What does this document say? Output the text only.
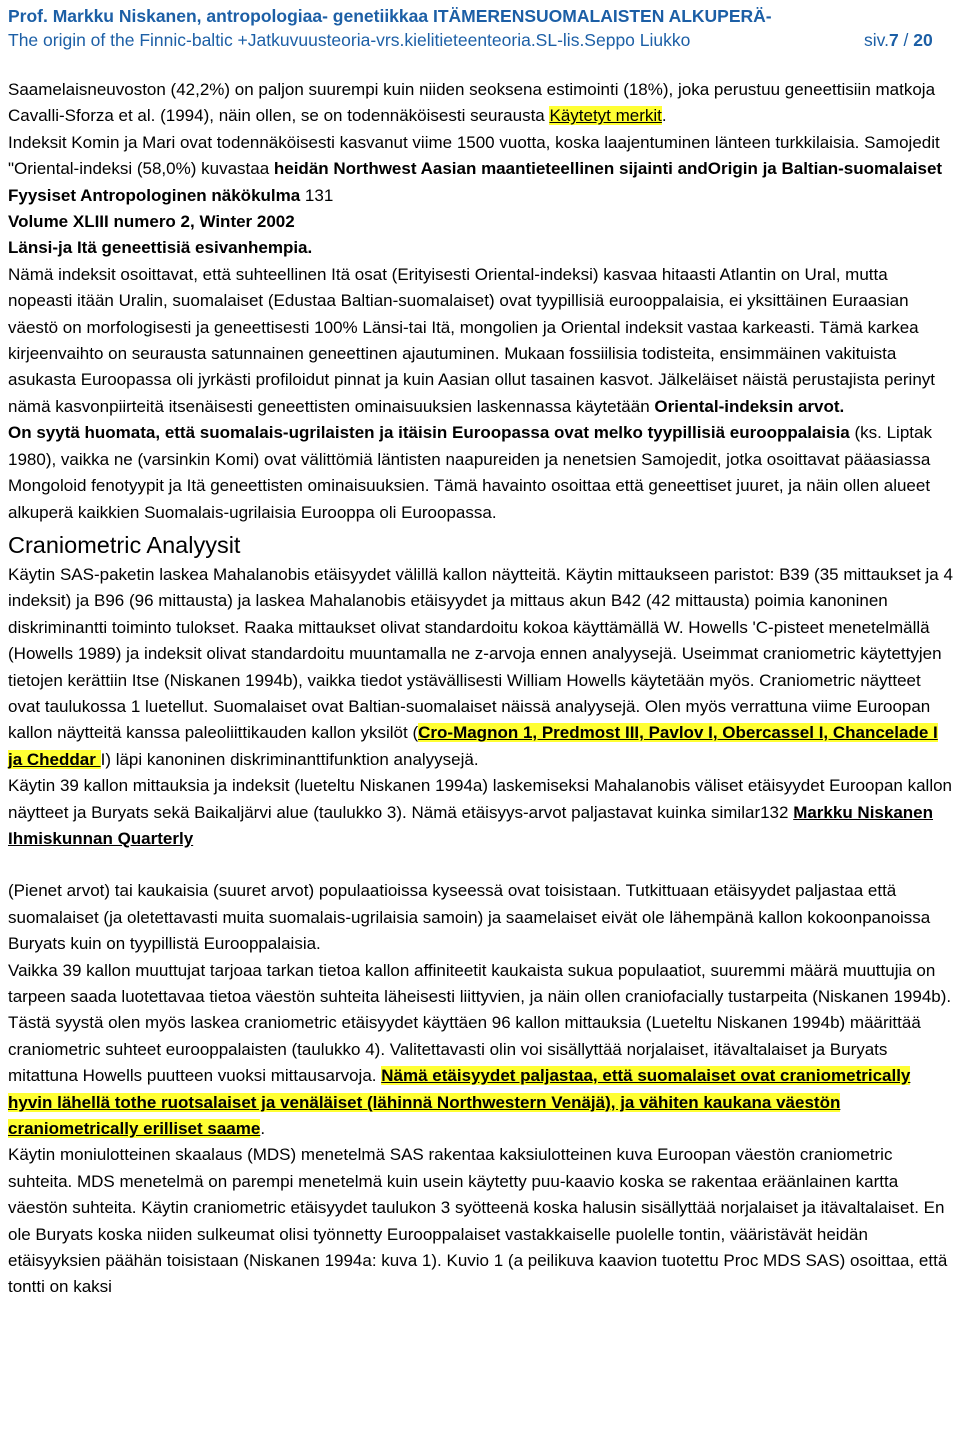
Prof. Markku Niskanen, antropologiaa- genetiikkaa ITÄMERENSUOMALAISTEN ALKUPERÄ-
The origin of the Finnic-baltic +Jatkuvuusteoria-vrs.kielitieteenteoria.SL-lis.Seppo Liukko	siv.7 / 20

Saamelaisneuvoston (42,2%) on paljon suurempi kuin niiden seoksena estimointi (18%), joka perustuu geneettisiin matkoja Cavalli-Sforza et al. (1994), näin ollen, se on todennäköisesti seurausta Käytetyt merkit.

Indeksit Komin ja Mari ovat todennäköisesti kasvanut viime 1500 vuotta, koska laajentuminen länteen turkkilaisia. Samojedit "Oriental-indeksi (58,0%) kuvastaa heidän Northwest Aasian maantieteellinen sijainti andOrigin ja Baltian-suomalaiset Fyysiset Antropologinen näkökulma 131
Volume XLIII numero 2, Winter 2002
Länsi-ja Itä geneettisiä esivanhempia.

Nämä indeksit osoittavat, että suhteellinen Itä osat (Erityisesti Oriental-indeksi) kasvaa hitaasti Atlantin on Ural, mutta nopeasti itään Uralin, suomalaiset (Edustaa Baltian-suomalaiset) ovat tyypillisiä eurooppalaisia, ei yksittäinen Euraasian väestö on morfologisesti ja geneettisesti 100% Länsi-tai Itä, mongolien ja Oriental indeksit vastaa karkeasti. Tämä karkea kirjeenvaihto on seurausta satunnainen geneettinen ajautuminen. Mukaan fossiilisia todisteita, ensimmäinen vakituista asukasta Euroopassa oli jyrkästi profiloidut pinnat ja kuin Aasian ollut tasainen kasvot. Jälkeläiset näistä perustajista perinyt nämä kasvonpiirteitä itsenäisesti geneettisten ominaisuuksien laskennassa käytetään Oriental-indeksin arvot.
On syytä huomata, että suomalais-ugrilaisten ja itäisin Euroopassa ovat melko tyypillisiä eurooppalaisia (ks. Liptak 1980), vaikka ne (varsinkin Komi) ovat välittömiä läntisten naapureiden ja nenetsien Samojedit, jotka osoittavat pääasiassa Mongoloid fenotyypit ja Itä geneettisten ominaisuuksien. Tämä havainto osoittaa että geneettiset juuret, ja näin ollen alueet alkuperä kaikkien Suomalais-ugrilaisia Eurooppa oli Euroopassa.

Craniometric Analyysit

Käytin SAS-paketin laskea Mahalanobis etäisyydet välillä kallon näytteitä. Käytin mittaukseen paristot: B39 (35 mittaukset ja 4 indeksit) ja B96 (96 mittausta) ja laskea Mahalanobis etäisyydet ja mittaus akun B42 (42 mittausta) poimia kanoninen diskriminantti toiminto tulokset. Raaka mittaukset olivat standardoitu kokoa käyttämällä W. Howells 'C-pisteet menetelmällä (Howells 1989) ja indeksit olivat standardoitu muuntamalla ne z-arvoja ennen analyysejä. Useimmat craniometric käytettyjen tietojen kerättiin Itse (Niskanen 1994b), vaikka tiedot ystävällisesti William Howells käytetään myös. Craniometric näytteet ovat taulukossa 1 luetellut. Suomalaiset ovat Baltian-suomalaiset näissä analyysejä. Olen myös verrattuna viime Euroopan kallon näytteitä kanssa paleoliittikauden kallon yksilöt (Cro-Magnon 1, Predmost III, Pavlov I, Obercassel I, Chancelade I ja Cheddar I) läpi kanoninen diskriminanttifunktion analyysejä.

Käytin 39 kallon mittauksia ja indeksit (lueteltu Niskanen 1994a) laskemiseksi Mahalanobis väliset etäisyydet Euroopan kallon näytteet ja Buryats sekä Baikaljärvi alue (taulukko 3). Nämä etäisyys-arvot paljastavat kuinka similar132 Markku Niskanen Ihmiskunnan Quarterly

(Pienet arvot) tai kaukaisia (suuret arvot) populaatioissa kyseessä ovat toisistaan. Tutkittuaan etäisyydet paljastaa että suomalaiset (ja oletettavasti muita suomalais-ugrilaisia samoin) ja saamelaiset eivät ole lähempänä kallon kokoonpanoissa Buryats kuin on tyypillistä Eurooppalaisia.

Vaikka 39 kallon muuttujat tarjoaa tarkan tietoa kallon affiniteetit kaukaista sukua populaatiot, suuremmi määrä muuttujia on tarpeen saada luotettavaa tietoa väestön suhteita läheisesti liittyvien, ja näin ollen craniofacially tustarpeita (Niskanen 1994b). Tästä syystä olen myös laskea craniometric etäisyydet käyttäen 96 kallon mittauksia (Lueteltu Niskanen 1994b) määrittää craniometric suhteet eurooppalaisten (taulukko 4). Valitettavasti olin voi sisällyttää norjalaiset, itävaltalaiset ja Buryats mitattuna Howells puutteen vuoksi mittausarvoja. Nämä etäisyydet paljastaa, että suomalaiset ovat craniometrically hyvin lähellä tothe ruotsalaiset ja venäläiset (lähinnä Northwestern Venäjä), ja vähiten kaukana väestön craniometrically erilliset saame.

Käytin moniulotteinen skaalaus (MDS) menetelmä SAS rakentaa kaksiulotteinen kuva Euroopan väestön craniometric suhteita. MDS menetelmä on parempi menetelmä kuin usein käytetty puu-kaavio koska se rakentaa eräänlainen kartta väestön suhteita. Käytin craniometric etäisyydet taulukon 3 syötteenä koska halusin sisällyttää norjalaiset ja itävaltalaiset. En ole Buryats koska niiden sulkeumat olisi työnnetty Eurooppalaiset vastakkaiselle puolelle tontin, vääristävät heidän etäisyyksien päähän toisistaan (Niskanen 1994a: kuva 1). Kuvio 1 (a peilikuva kaavion tuotettu Proc MDS SAS) osoittaa, että tontti on kaksi
